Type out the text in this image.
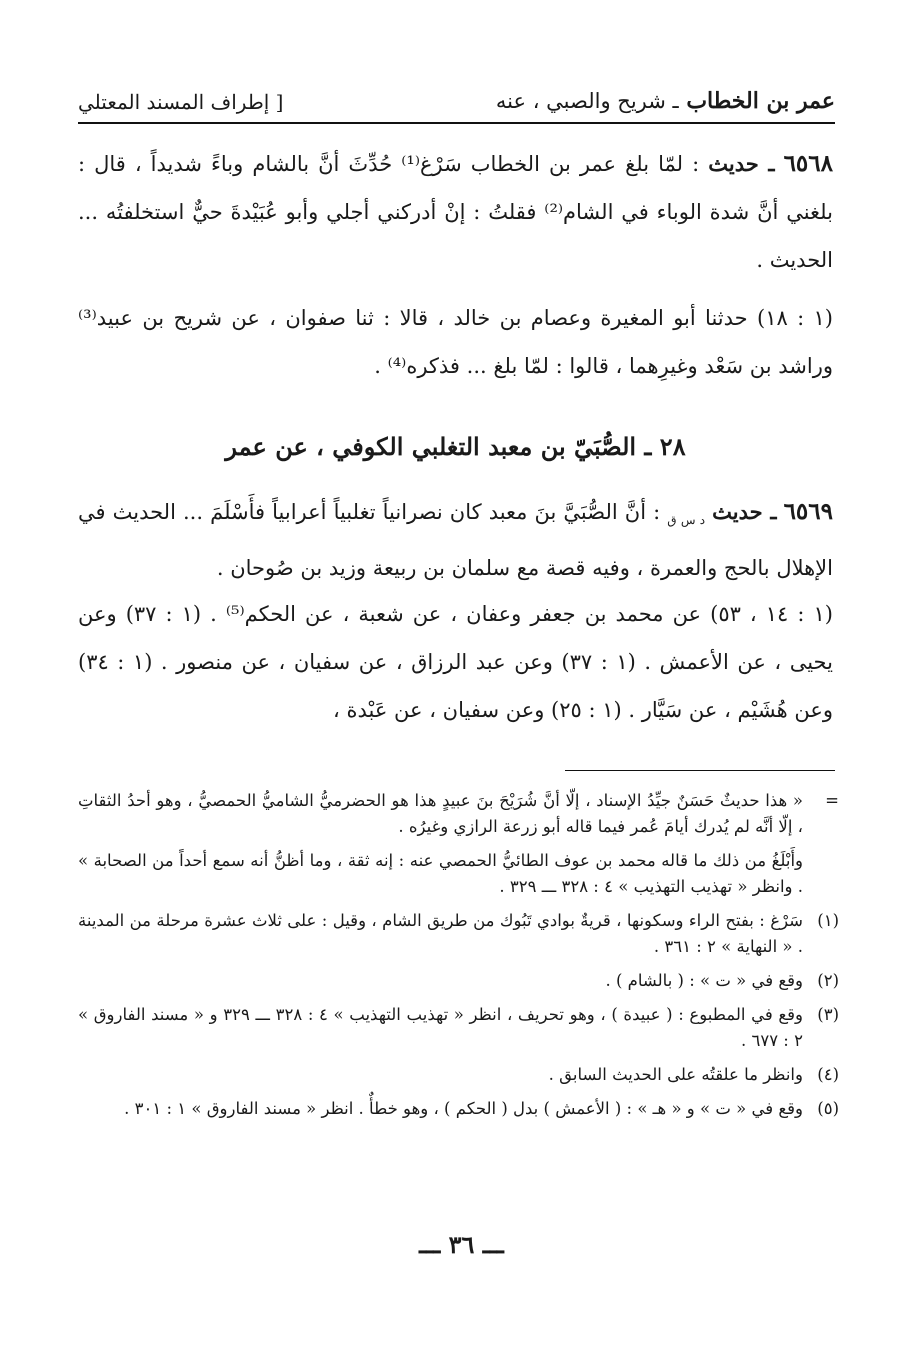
عمر بن الخطاب ـ شريح والصبي ، عنه
[ إطراف المسند المعتلي
٦٥٦٨ ـ حديث : لمّا بلغ عمر بن الخطاب سَرْغ⁽¹⁾ حُدِّثَ أنَّ بالشام وباءً شديداً ، قال : بلغني أنَّ شدة الوباء في الشام⁽²⁾ فقلتُ : إنْ أدركني أجلي وأبو عُبَيْدةَ حيٌّ استخلفتُه ... الحديث .
(١ : ١٨) حدثنا أبو المغيرة وعصام بن خالد ، قالا : ثنا صفوان ، عن شريح بن عبيد⁽³⁾ وراشد بن سَعْد وغيرِهما ، قالوا : لمّا بلغ ... فذكره⁽⁴⁾ .
٢٨ ـ الصُّبَيّ بن معبد التغلبي الكوفي ، عن عمر
٦٥٦٩ ـ حديث $_{د س ق}$ : أنَّ الصُّبَيَّ بنَ معبد كان نصرانياً تغلبياً أعرابياً فأَسْلَمَ ... الحديث في الإهلال بالحج والعمرة ، وفيه قصة مع سلمان بن ربيعة وزيد بن صُوحان .
(١ : ١٤ ، ٥٣) عن محمد بن جعفر وعفان ، عن شعبة ، عن الحكم⁽⁵⁾ . (١ : ٣٧) وعن يحيى ، عن الأعمش . (١ : ٣٧) وعن عبد الرزاق ، عن سفيان ، عن منصور . (١ : ٣٤) وعن هُشَيْم ، عن سَيَّار . (١ : ٢٥) وعن سفيان ، عن عَبْدة ،
=
« هذا حديثٌ حَسَنٌ جيِّدُ الإسناد ، إلّا أنَّ شُرَيْحَ بنَ عبيدٍ هذا هو الحضرميُّ الشاميُّ الحمصيُّ ، وهو أحدُ الثقاتِ ، إلّا أنَّه لم يُدرك أيامَ عُمر فيما قاله أبو زرعة الرازي وغيرُه .
وأَبْلَغُ من ذلك ما قاله محمد بن عوف الطائيُّ الحمصي عنه : إنه ثقة ، وما أظنُّ أنه سمع أحداً من الصحابة » . وانظر « تهذيب التهذيب » ٤ : ٣٢٨ ـــ ٣٢٩ .
(١)
سَرْغ : بفتح الراء وسكونها ، قريةٌ بوادي تَبُوك من طريق الشام ، وقيل : على ثلاث عشرة مرحلة من المدينة . « النهاية » ٢ : ٣٦١ .
(٢)
وقع في « ت » : ( بالشام ) .
(٣)
وقع في المطبوع : ( عبيدة ) ، وهو تحريف ، انظر « تهذيب التهذيب » ٤ : ٣٢٨ ـــ ٣٢٩ و « مسند الفاروق » ٢ : ٦٧٧ .
(٤)
وانظر ما علقتُه على الحديث السابق .
(٥)
وقع في « ت » و « هـ » : ( الأعمش ) بدل ( الحكم ) ، وهو خطأٌ . انظر « مسند الفاروق » ١ : ٣٠١ .
ـــ ٣٦ ـــ
